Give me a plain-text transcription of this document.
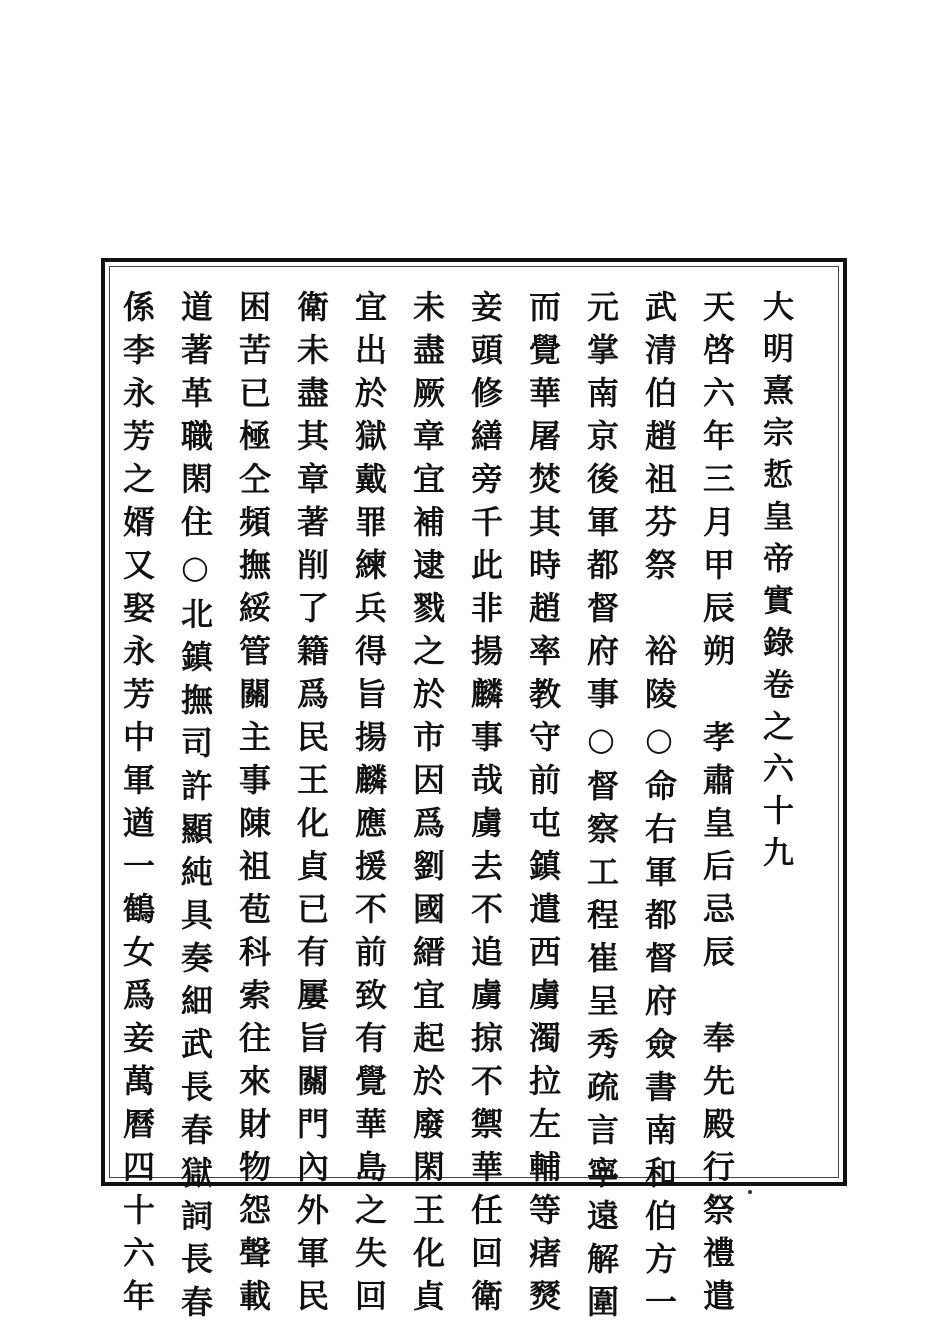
大明熹宗悊皇帝實錄卷之六十九
天啓六年三月甲辰朔　孝肅皇后忌辰　奉先殿行祭禮遣
武清伯趙祖芬祭　裕陵○命右軍都督府僉書南和伯方一
元掌南京後軍都督府事○督察工程崔呈秀疏言寧遠解圍
而覺華屠焚其時趙率教守前屯鎮遣西虜濁拉左輔等瘏燹
妾頭修繕旁千此非揚麟事哉虜去不追虜掠不禦華任回衛
未盡厥章宜補逮戮之於市因爲劉國縉宜起於廢閑王化貞
宜出於獄戴罪練兵得旨揚麟應援不前致有覺華島之失回
衛未盡其章著削了籍爲民王化貞已有屢旨關門內外軍民
困苦已極仝頻撫綏管關主事陳祖苞科索往來財物怨聲載
道著革職閑住○北鎮撫司許顯純具奏細武長春獄詞長春
係李永芳之婿又娶永芳中軍遒一鶴女爲妾萬曆四十六年
